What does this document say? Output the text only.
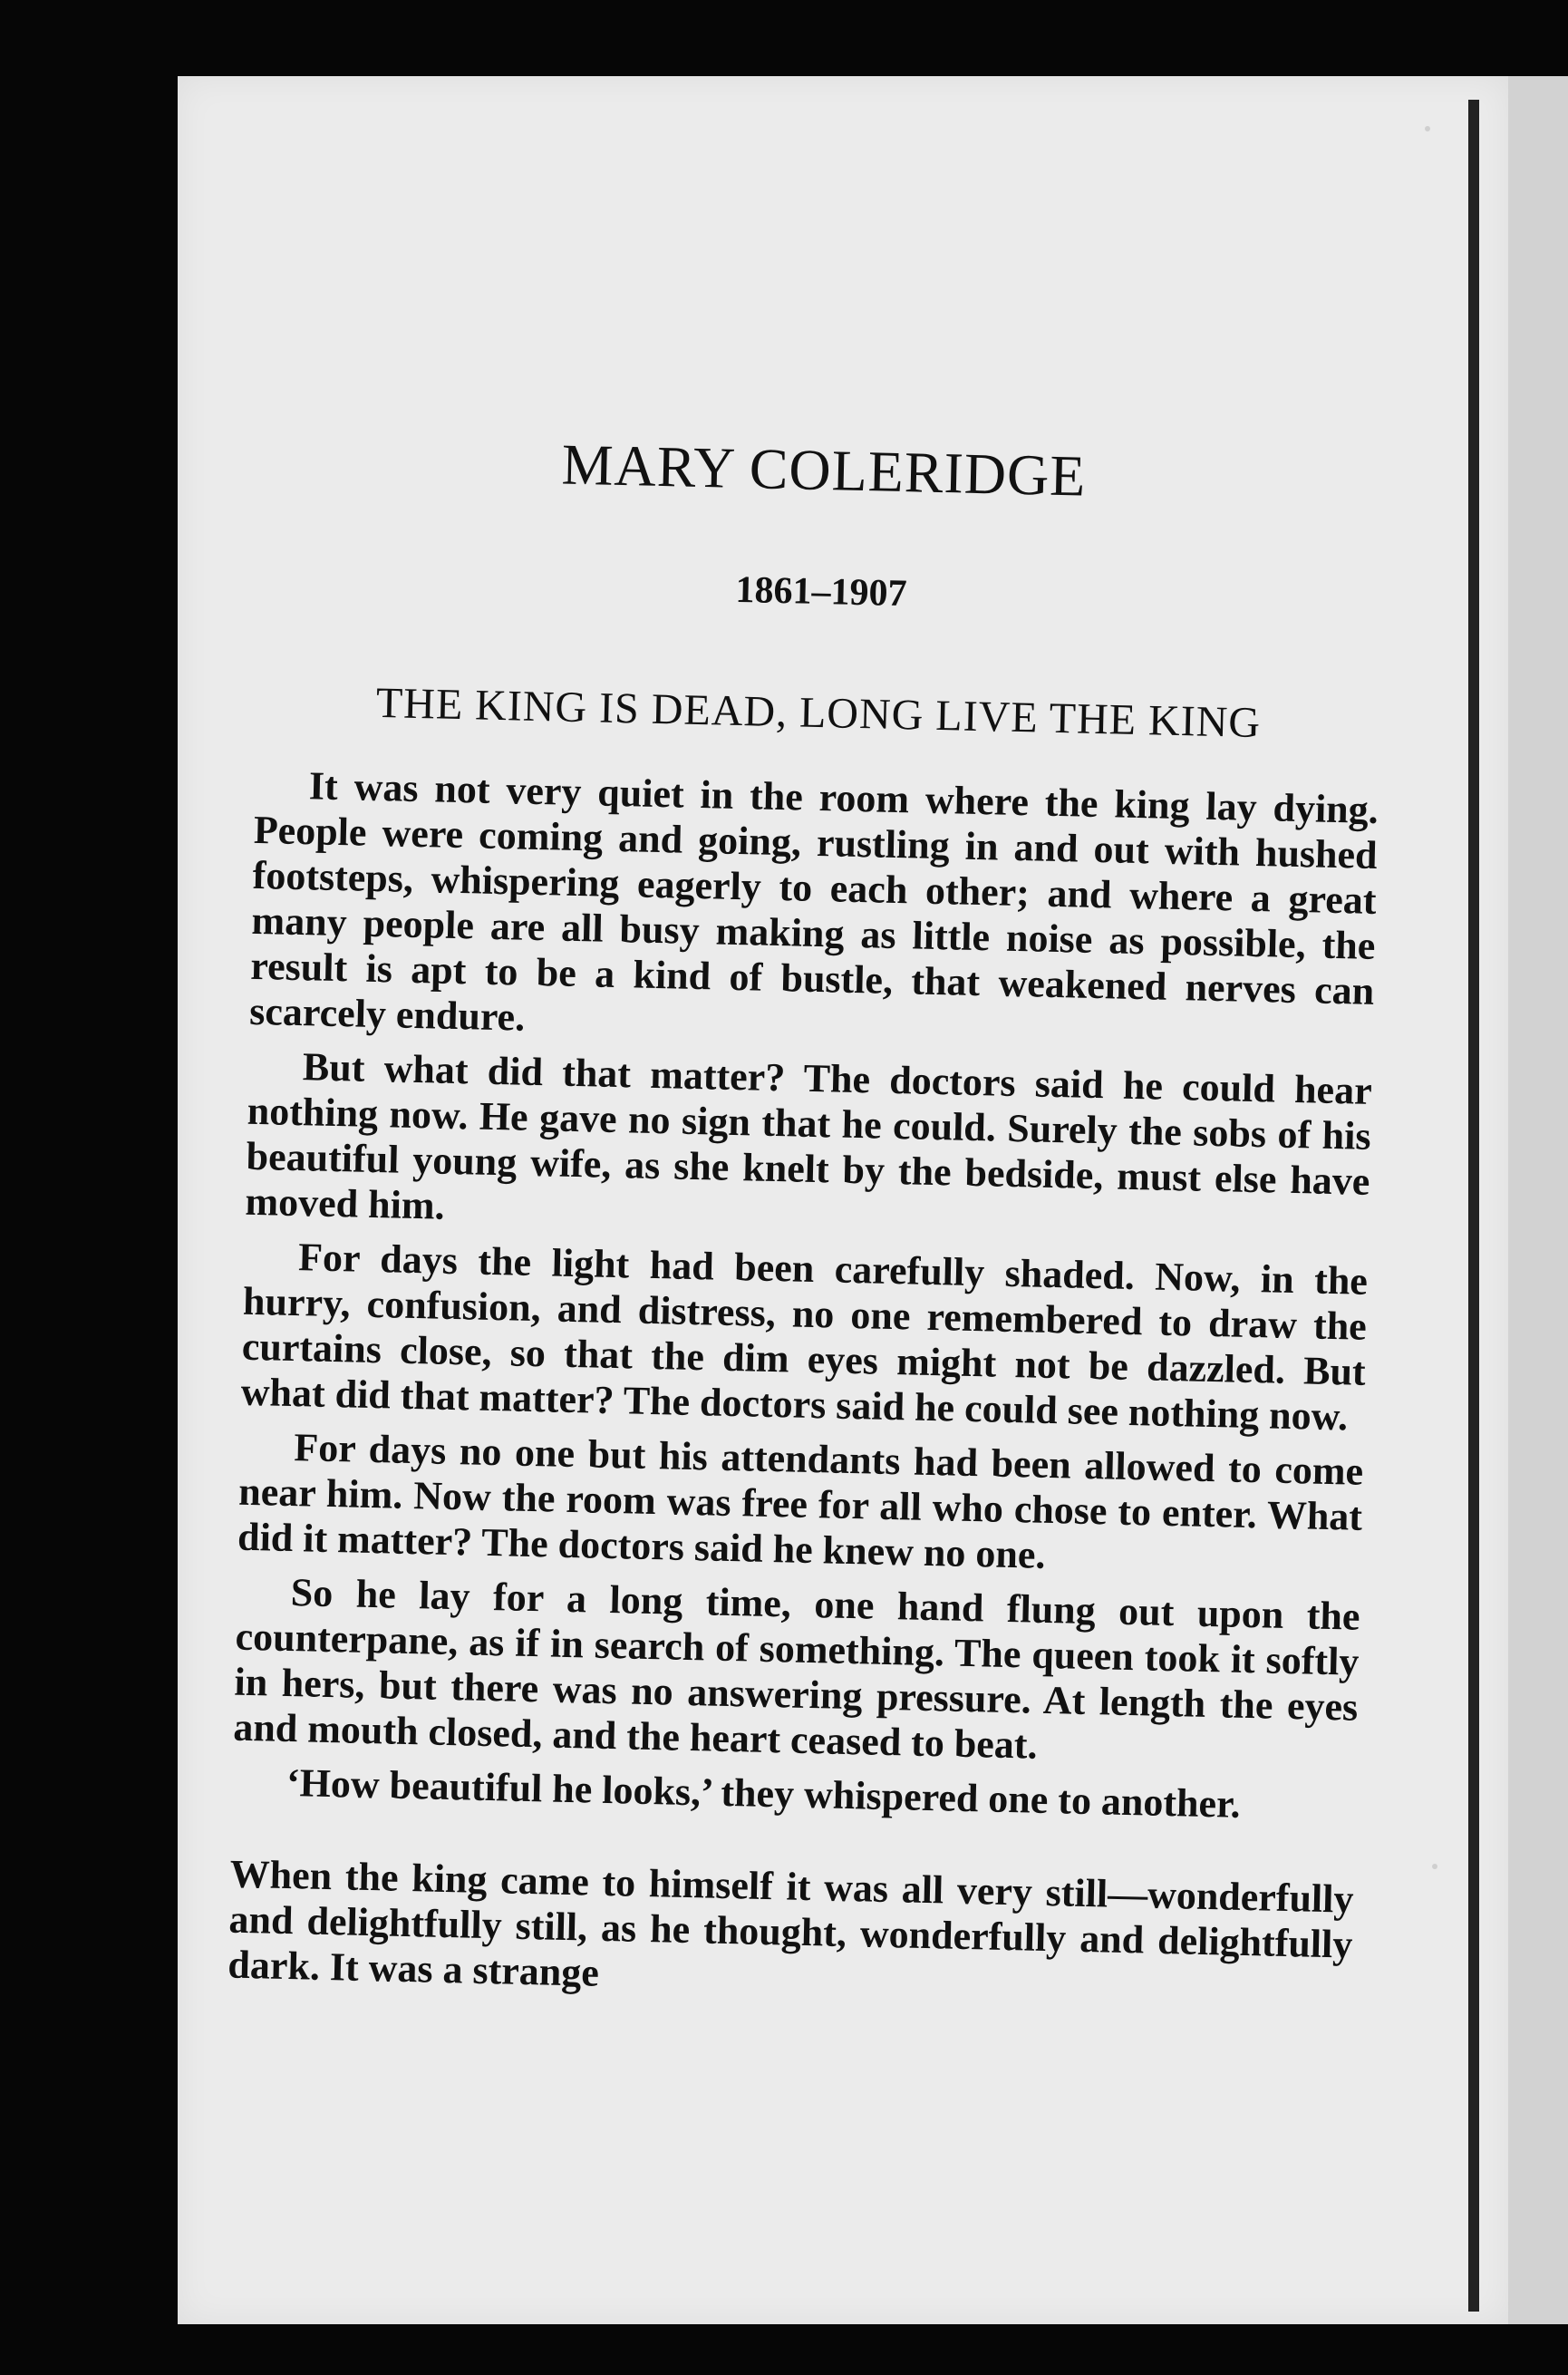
MARY COLERIDGE
1861–1907
THE KING IS DEAD, LONG LIVE THE KING

It was not very quiet in the room where the king lay dying. People were coming and going, rustling in and out with hushed footsteps, whispering eagerly to each other; and where a great many people are all busy making as little noise as possible, the result is apt to be a kind of bustle, that weakened nerves can scarcely endure.

But what did that matter? The doctors said he could hear nothing now. He gave no sign that he could. Surely the sobs of his beautiful young wife, as she knelt by the bedside, must else have moved him.

For days the light had been carefully shaded. Now, in the hurry, confusion, and distress, no one remembered to draw the curtains close, so that the dim eyes might not be dazzled. But what did that matter? The doctors said he could see nothing now.

For days no one but his attendants had been allowed to come near him. Now the room was free for all who chose to enter. What did it matter? The doctors said he knew no one.

So he lay for a long time, one hand flung out upon the counterpane, as if in search of something. The queen took it softly in hers, but there was no answering pressure. At length the eyes and mouth closed, and the heart ceased to beat.

‘How beautiful he looks,’ they whispered one to another.

When the king came to himself it was all very still—wonderfully and delightfully still, as he thought, wonderfully and delightfully dark. It was a strange
